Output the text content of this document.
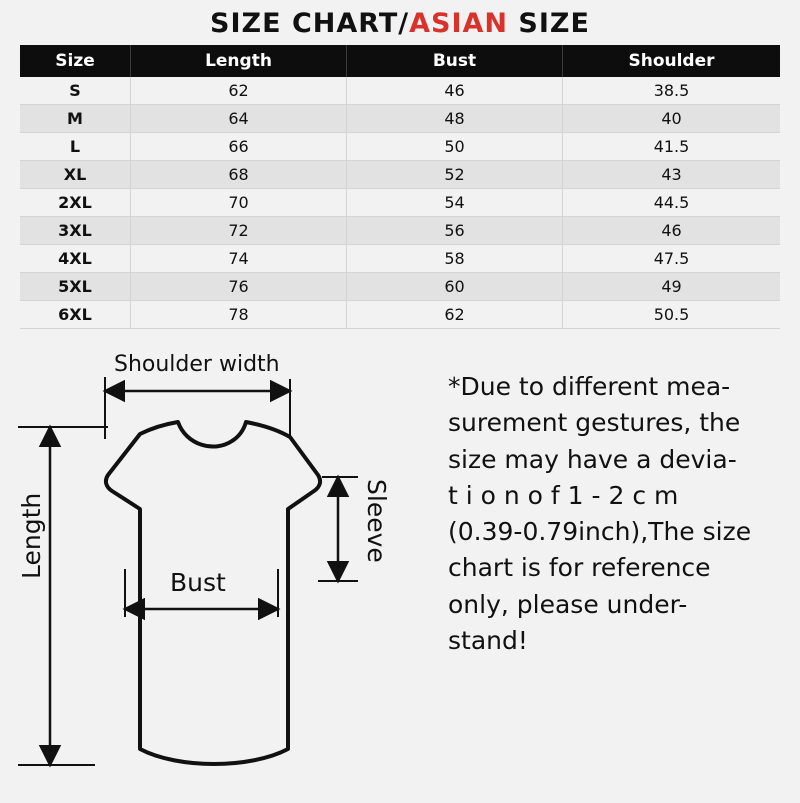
SIZE CHART/ASIAN SIZE
Size	Length	Bust	Shoulder
S	62	46	38.5
M	64	48	40
L	66	50	41.5
XL	68	52	43
2XL	70	54	44.5
3XL	72	56	46
4XL	74	58	47.5
5XL	76	60	49
6XL	78	62	50.5
Shoulder width
Bust
Sleeve
Length
*Due to different mea-
surement gestures, the
size may have a devia-
t i o n o f 1 - 2 c m
(0.39-0.79inch),The size
chart is for reference
only, please under-
stand!
